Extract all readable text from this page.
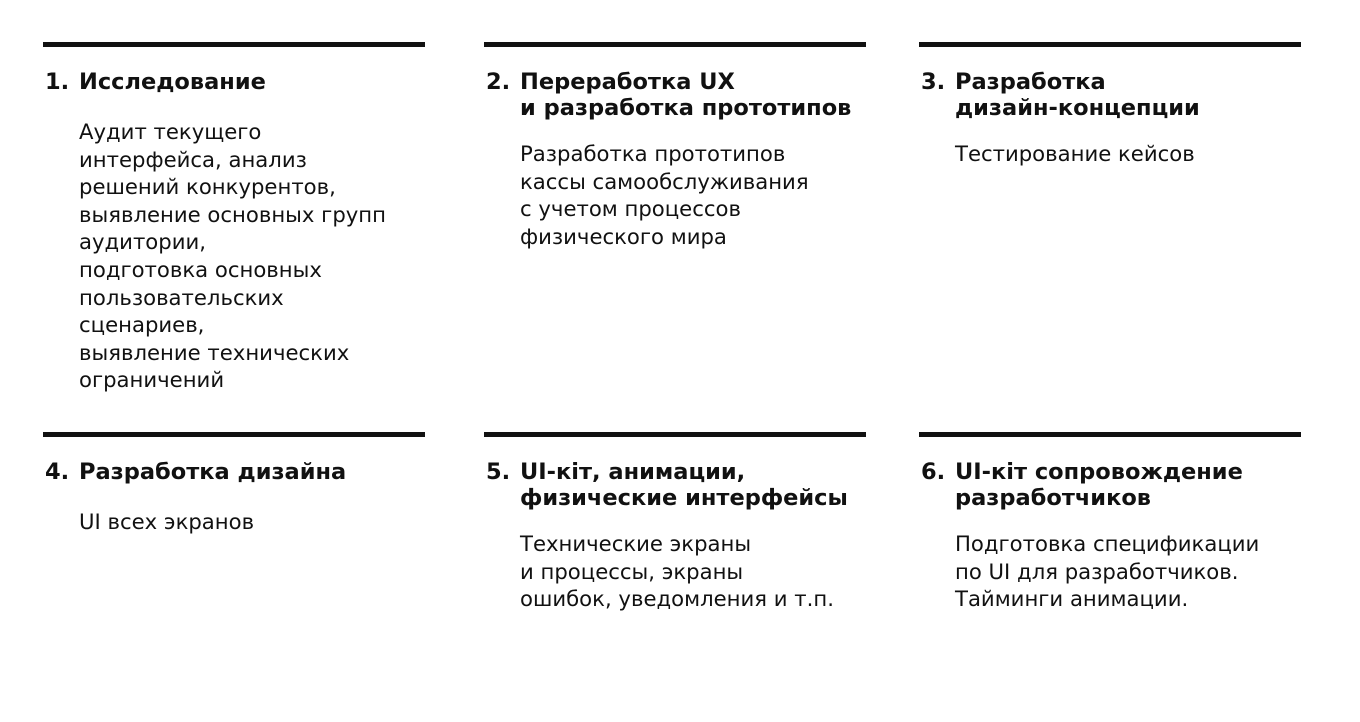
1. Исследование
Аудит текущего
интерфейса, анализ
решений конкурентов,
выявление основных групп
аудитории,
подготовка основных
пользовательских
сценариев,
выявление технических
ограничений
2. Переработка UX
и разработка прототипов
Разработка прототипов
кассы самообслуживания
с учетом процессов
физического мира
3. Разработка
дизайн-концепции
Тестирование кейсов
4. Разработка дизайна
UI всех экранов
5. UI-кіт, анимации,
физические интерфейсы
Технические экраны
и процессы, экраны
ошибок, уведомления и т.п.
6. UI-кіт сопровождение
разработчиков
Подготовка спецификации
по UI для разработчиков.
Тайминги анимации.
